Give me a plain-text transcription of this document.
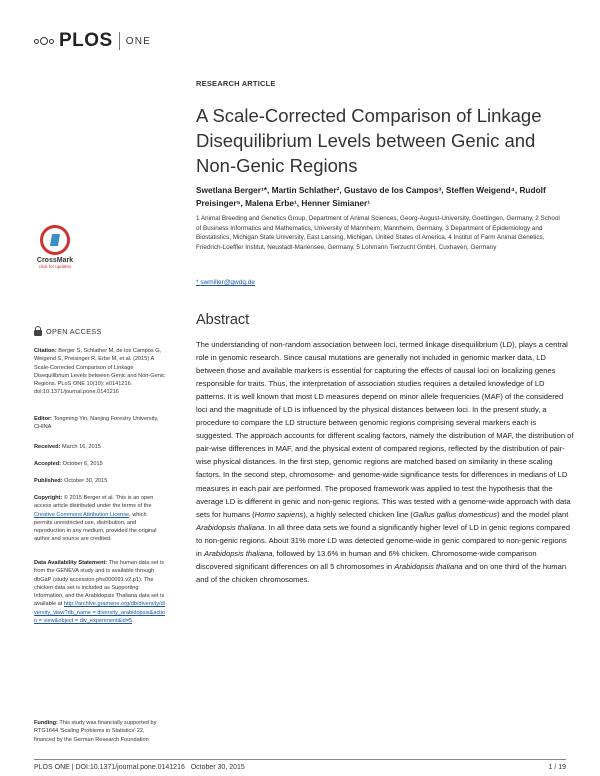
PLOS ONE
RESEARCH ARTICLE
A Scale-Corrected Comparison of Linkage Disequilibrium Levels between Genic and Non-Genic Regions
Swetlana Berger¹*, Martin Schlather², Gustavo de los Campos³, Steffen Weigend⁴, Rudolf Preisinger⁵, Malena Erbe¹, Henner Simianer¹
1 Animal Breeding and Genetics Group, Department of Animal Sciences, Georg-August-University, Goettingen, Germany, 2 School of Business Informatics and Mathematics, University of Mannheim, Mannheim, Germany, 3 Department of Epidemiology and Biostatistics, Michigan State University, East Lansing, Michigan, United States of America, 4 Institut of Farm Animal Genetics, Friedrich-Loeffler Institut, Neustadt-Mariensee, Germany, 5 Lohmann Tierzucht GmbH, Cuxhaven, Germany
* swmiller@gwdg.de
CrossMark
click for updates
OPEN ACCESS
Citation: Berger S, Schlather M, de los Campos G, Weigend S, Preisinger R, Erbe M, et al. (2015) A Scale-Corrected Comparison of Linkage Disequilibrium Levels between Genic and Non-Genic Regions. PLoS ONE 10(10): e0141216. doi:10.1371/journal.pone.0141216
Editor: Tongming Yin, Nanjing Forestry University, CHINA
Received: March 16, 2015
Accepted: October 6, 2015
Published: October 30, 2015
Copyright: © 2015 Berger et al. This is an open access article distributed under the terms of the Creative Commons Attribution License, which permits unrestricted use, distribution, and reproduction in any medium, provided the original author and source are credited.
Data Availability Statement: The human data set is from the GENEVA study and is available through dbGaP (study accession phs000091.v2.p1). The chicken data set is included as Supporting Information, and the Arabidopsis Thaliana data set is available at http://archive.gramene.org/db/diversity/diversity_view?db_name = diversity_arabidopsis&action = view&object = div_experiment&id=5.
Funding: This study was financially supported by RTG1644 'Scaling Problems in Statistics' 22, financed by the German Research Foundation
Abstract
The understanding of non-random association between loci, termed linkage disequilibrium (LD), plays a central role in genomic research. Since causal mutations are generally not included in genomic marker data, LD between those and available markers is essential for capturing the effects of causal loci on localizing genes responsible for traits. Thus, the interpretation of association studies requires a detailed knowledge of LD patterns. It is well known that most LD measures depend on minor allele frequencies (MAF) of the considered loci and the magnitude of LD is influenced by the physical distances between loci. In the present study, a procedure to compare the LD structure between genomic regions comprising several markers each is suggested. The approach accounts for different scaling factors, namely the distribution of MAF, the distribution of pair-wise differences in MAF, and the physical extent of compared regions, reflected by the distribution of pair-wise physical distances. In the first step, genomic regions are matched based on similarity in these scaling factors. In the second step, chromosome- and genome-wide significance tests for differences in medians of LD measures in each pair are performed. The proposed framework was applied to test the hypothesis that the average LD is different in genic and non-genic regions. This was tested with a genome-wide approach with data sets for humans (Homo sapiens), a highly selected chicken line (Gallus gallus domesticus) and the model plant Arabidopsis thaliana. In all three data sets we found a significantly higher level of LD in genic regions compared to non-genic regions. About 31% more LD was detected genome-wide in genic compared to non-genic regions in Arabidopsis thaliana, followed by 13.6% in human and 6% chicken. Chromosome-wide comparison discovered significant differences on all 5 chromosomes in Arabidopsis thaliana and on one third of the human and of the chicken chromosomes.
PLOS ONE | DOI:10.1371/journal.pone.0141216   October 30, 2015	1 / 19
